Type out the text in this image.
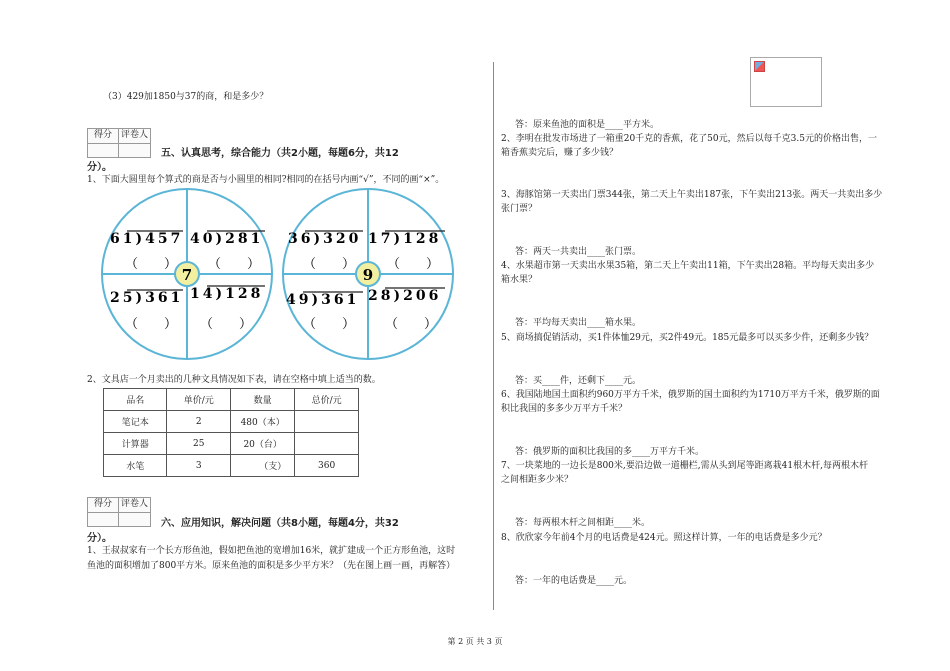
（3）429加1850与37的商，和是多少？
得分 评卷人
五、认真思考，综合能力（共2小题，每题6分，共12
分）。
1、下面大圆里每个算式的商是否与小圆里的相同?相同的在括号内画“√”，不同的画“×”。
7
61)457 40)281
25)361 14)128
（　　） （　　）
（　　） （　　）
9
36)320 17)128
49)361 28)206
（　　） （　　）
（　　） （　　）
2、文具店一个月卖出的几种文具情况如下表，请在空格中填上适当的数。
品名	单价/元	数量	总价/元
笔记本	2	480（本）	
计算器	25	20（台）	
水笔	3	（支）	360
得分 评卷人
六、应用知识，解决问题（共8小题，每题4分，共32
分）。
1、王叔叔家有一个长方形鱼池，假如把鱼池的宽增加16米，就扩建成一个正方形鱼池，这时
鱼池的面积增加了800平方米。原来鱼池的面积是多少平方米？（先在图上画一画，再解答）
答：原来鱼池的面积是____平方米。
2、李明在批发市场进了一箱重20千克的香蕉，花了50元，然后以每千克3.5元的价格出售，一
箱香蕉卖完后，赚了多少钱？
3、海豚馆第一天卖出门票344张，第二天上午卖出187张，下午卖出213张。两天一共卖出多少
张门票？
答：两天一共卖出____张门票。
4、水果超市第一天卖出水果35箱，第二天上午卖出11箱，下午卖出28箱。平均每天卖出多少
箱水果？
答：平均每天卖出____箱水果。
5、商场搞促销活动，买1件体恤29元，买2件49元。185元最多可以买多少件，还剩多少钱？
答：买____件，还剩下____元。
6、我国陆地国土面积约960万平方千米，俄罗斯的国土面积约为1710万平方千米，俄罗斯的面
积比我国的多多少万平方千米？
答：俄罗斯的面积比我国的多____万平方千米。
7、一块菜地的一边长是800米,要沿边做一道栅栏,需从头到尾等距离栽41根木杆,每两根木杆
之间相距多少米？
答：每两根木杆之间相距____米。
8、欣欣家今年前4个月的电话费是424元。照这样计算，一年的电话费是多少元？
答：一年的电话费是____元。
第 2 页 共 3 页
